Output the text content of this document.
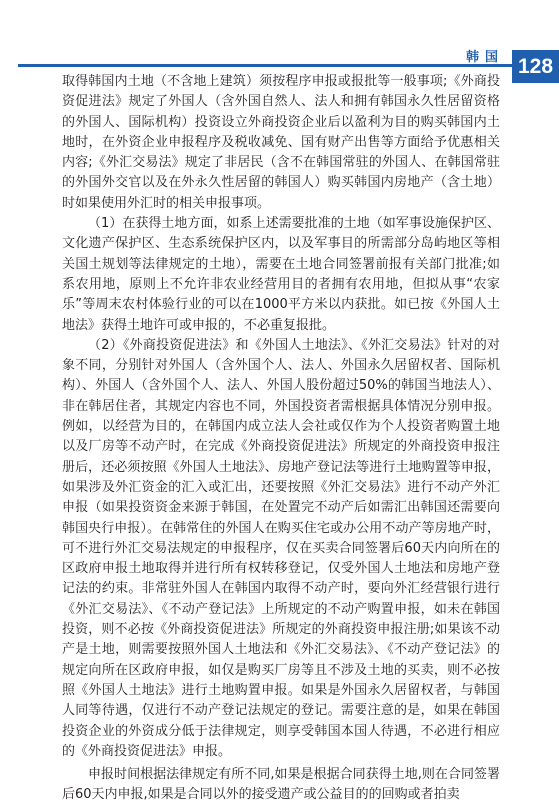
韩国 128

取得韩国内土地（不含地上建筑）须按程序申报或报批等一般事项;《外商投资促进法》规定了外国人（含外国自然人、法人和拥有韩国永久性居留资格的外国人、国际机构）投资设立外商投资企业后以盈利为目的购买韩国内土地时，在外资企业申报程序及税收减免、国有财产出售等方面给予优惠相关内容;《外汇交易法》规定了非居民（含不在韩国常驻的外国人、在韩国常驻的外国外交官以及在外永久性居留的韩国人）购买韩国内房地产（含土地）时如果使用外汇时的相关申报事项。

（1）在获得土地方面，如系上述需要批准的土地（如军事设施保护区、文化遗产保护区、生态系统保护区内，以及军事目的所需部分岛屿地区等相关国土规划等法律规定的土地），需要在土地合同签署前报有关部门批准;如系农用地，原则上不允许非农业经营用目的者拥有农用地，但拟从事“农家乐”等周末农村体验行业的可以在1000平方米以内获批。如已按《外国人土地法》获得土地许可或申报的，不必重复报批。

（2）《外商投资促进法》和《外国人土地法》、《外汇交易法》针对的对象不同，分别针对外国人（含外国个人、法人、外国永久居留权者、国际机构）、外国人（含外国个人、法人、外国人股份超过50%的韩国当地法人）、非在韩居住者，其规定内容也不同，外国投资者需根据具体情况分别申报。例如，以经营为目的，在韩国内成立法人会社或仅作为个人投资者购置土地以及厂房等不动产时，在完成《外商投资促进法》所规定的外商投资申报注册后，还必须按照《外国人土地法》、房地产登记法等进行土地购置等申报，如果涉及外汇资金的汇入或汇出，还要按照《外汇交易法》进行不动产外汇申报（如果投资资金来源于韩国，在处置完不动产后如需汇出韩国还需要向韩国央行申报）。在韩常住的外国人在购买住宅或办公用不动产等房地产时，可不进行外汇交易法规定的申报程序，仅在买卖合同签署后60天内向所在的区政府申报土地取得并进行所有权转移登记，仅受外国人土地法和房地产登记法的约束。非常驻外国人在韩国内取得不动产时，要向外汇经营银行进行《外汇交易法》、《不动产登记法》上所规定的不动产购置申报，如未在韩国投资，则不必按《外商投资促进法》所规定的外商投资申报注册;如果该不动产是土地，则需要按照外国人土地法和《外汇交易法》、《不动产登记法》的规定向所在区政府申报，如仅是购买厂房等且不涉及土地的买卖，则不必按照《外国人土地法》进行土地购置申报。如果是外国永久居留权者，与韩国人同等待遇，仅进行不动产登记法规定的登记。需要注意的是，如果在韩国投资企业的外资成分低于法律规定，则享受韩国本国人待遇，不必进行相应的《外商投资促进法》申报。

申报时间根据法律规定有所不同,如果是根据合同获得土地,则在合同签署后60天内申报,如果是合同以外的接受遗产或公益目的的回购或者拍卖
